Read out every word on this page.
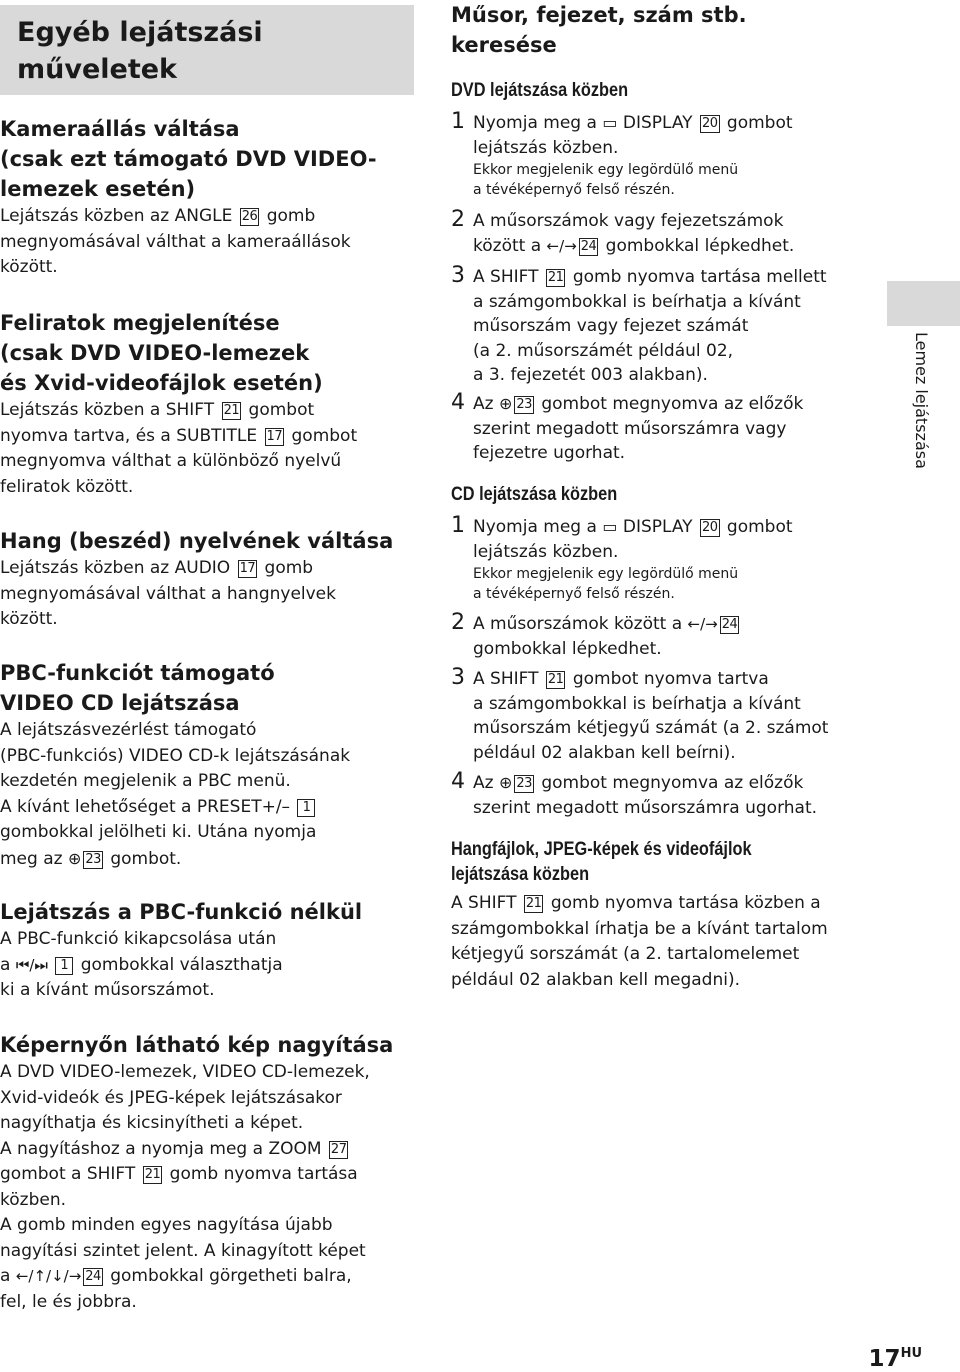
Egyéb lejátszási
műveletek
Kameraállás váltása
(csak ezt támogató DVD VIDEO-
lemezek esetén)

Lejátszás közben az ANGLE 26 gomb
megnyomásával válthat a kameraállások
között.

Feliratok megjelenítése
(csak DVD VIDEO-lemezek
és Xvid-videofájlok esetén)

Lejátszás közben a SHIFT 21 gombot
nyomva tartva, és a SUBTITLE 17 gombot
megnyomva válthat a különböző nyelvű
feliratok között.

Hang (beszéd) nyelvének váltása

Lejátszás közben az AUDIO 17 gomb
megnyomásával válthat a hangnyelvek
között.

PBC-funkciót támogató
VIDEO CD lejátszása

A lejátszásvezérlést támogató
(PBC-funkciós) VIDEO CD-k lejátszásának
kezdetén megjelenik a PBC menü.
A kívánt lehetőséget a PRESET+/– 1
gombokkal jelölheti ki. Utána nyomja
meg az ⊕ 23 gombot.

Lejátszás a PBC-funkció nélkül

A PBC-funkció kikapcsolása után
a ⏮/⏭ 1 gombokkal választhatja
ki a kívánt műsorszámot.

Képernyőn látható kép nagyítása

A DVD VIDEO-lemezek, VIDEO CD-lemezek,
Xvid-videók és JPEG-képek lejátszásakor
nagyíthatja és kicsinyítheti a képet.
A nagyításhoz a nyomja meg a ZOOM 27
gombot a SHIFT 21 gomb nyomva tartása
közben.
A gomb minden egyes nagyítása újabb
nagyítási szintet jelent. A kinagyított képet
a ←/↑/↓/→ 24 gombokkal görgetheti balra,
fel, le és jobbra.

Műsor, fejezet, szám stb.
keresése
DVD lejátszása közben
1 Nyomja meg a ▭ DISPLAY 20 gombot
lejátszás közben.
Ekkor megjelenik egy legördülő menü
a tévéképernyő felső részén.
2 A műsorszámok vagy fejezetszámok
között a ←/→ 24 gombokkal lépkedhet.
3 A SHIFT 21 gomb nyomva tartása mellett
a számgombokkal is beírhatja a kívánt
műsorszám vagy fejezet számát
(a 2. műsorszámét például 02,
a 3. fejezetét 003 alakban).
4 Az ⊕ 23 gombot megnyomva az előzők
szerint megadott műsorszámra vagy
fejezetre ugorhat.
CD lejátszása közben
1 Nyomja meg a ▭ DISPLAY 20 gombot
lejátszás közben.
Ekkor megjelenik egy legördülő menü
a tévéképernyő felső részén.
2 A műsorszámok között a ←/→ 24
gombokkal lépkedhet.
3 A SHIFT 21 gombot nyomva tartva
a számgombokkal is beírhatja a kívánt
műsorszám kétjegyű számát (a 2. számot
például 02 alakban kell beírni).
4 Az ⊕ 23 gombot megnyomva az előzők
szerint megadott műsorszámra ugorhat.
Hangfájlok, JPEG-képek és videofájlok
lejátszása közben
A SHIFT 21 gomb nyomva tartása közben a
számgombokkal írhatja be a kívánt tartalom
kétjegyű sorszámát (a 2. tartalomelemet
például 02 alakban kell megadni).
Lemez lejátszása
$17^{HU}$
